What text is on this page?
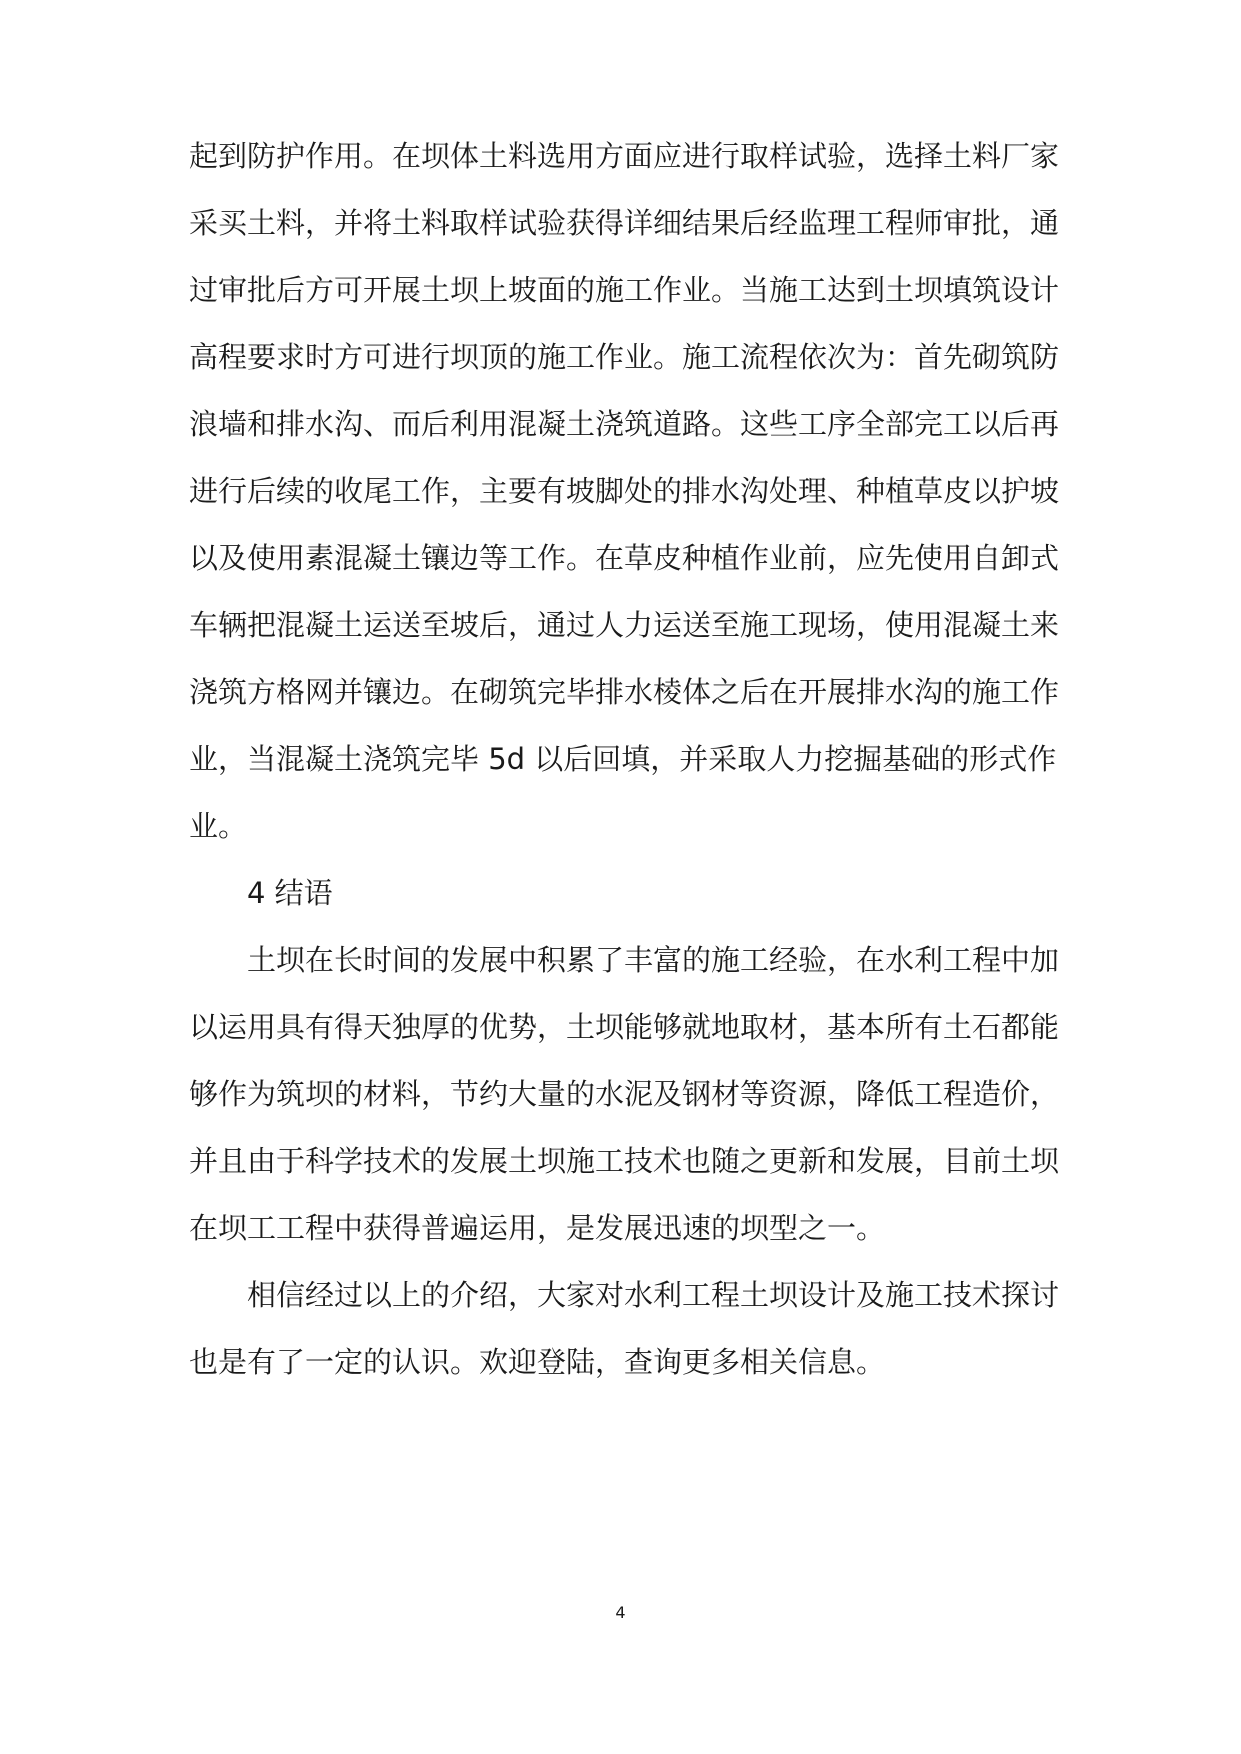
起到防护作用。在坝体土料选用方面应进行取样试验，选择土料厂家
采买土料，并将土料取样试验获得详细结果后经监理工程师审批，通
过审批后方可开展土坝上坡面的施工作业。当施工达到土坝填筑设计
高程要求时方可进行坝顶的施工作业。施工流程依次为：首先砌筑防
浪墙和排水沟、而后利用混凝土浇筑道路。这些工序全部完工以后再
进行后续的收尾工作，主要有坡脚处的排水沟处理、种植草皮以护坡
以及使用素混凝土镶边等工作。在草皮种植作业前，应先使用自卸式
车辆把混凝土运送至坡后，通过人力运送至施工现场，使用混凝土来
浇筑方格网并镶边。在砌筑完毕排水棱体之后在开展排水沟的施工作
业，当混凝土浇筑完毕 5d 以后回填，并采取人力挖掘基础的形式作
业。
4 结语
土坝在长时间的发展中积累了丰富的施工经验，在水利工程中加
以运用具有得天独厚的优势，土坝能够就地取材，基本所有土石都能
够作为筑坝的材料，节约大量的水泥及钢材等资源，降低工程造价，
并且由于科学技术的发展土坝施工技术也随之更新和发展，目前土坝
在坝工工程中获得普遍运用，是发展迅速的坝型之一。
相信经过以上的介绍，大家对水利工程土坝设计及施工技术探讨
也是有了一定的认识。欢迎登陆，查询更多相关信息。
4
